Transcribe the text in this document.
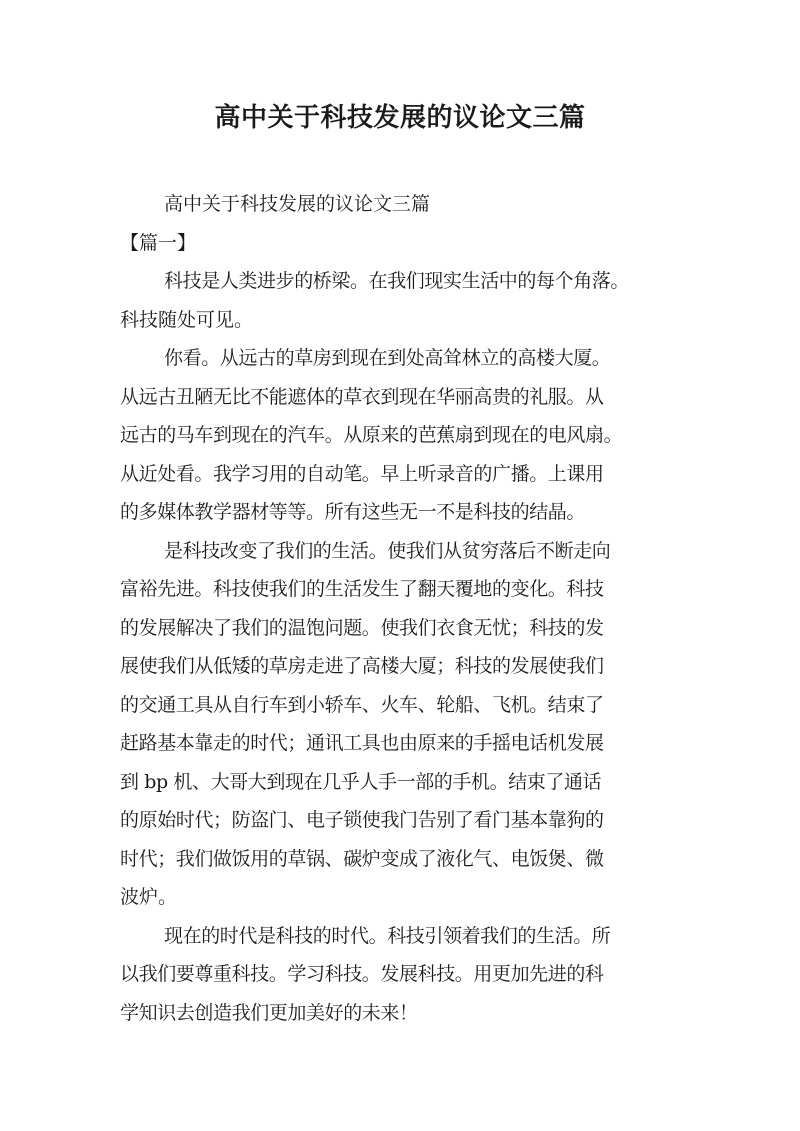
高中关于科技发展的议论文三篇
高中关于科技发展的议论文三篇
【篇一】
科技是人类进步的桥梁。在我们现实生活中的每个角落。
科技随处可见。
你看。从远古的草房到现在到处高耸林立的高楼大厦。
从远古丑陋无比不能遮体的草衣到现在华丽高贵的礼服。从
远古的马车到现在的汽车。从原来的芭蕉扇到现在的电风扇。
从近处看。我学习用的自动笔。早上听录音的广播。上课用
的多媒体教学器材等等。所有这些无一不是科技的结晶。
是科技改变了我们的生活。使我们从贫穷落后不断走向
富裕先进。科技使我们的生活发生了翻天覆地的变化。科技
的发展解决了我们的温饱问题。使我们衣食无忧；科技的发
展使我们从低矮的草房走进了高楼大厦；科技的发展使我们
的交通工具从自行车到小轿车、火车、轮船、飞机。结束了
赶路基本靠走的时代；通讯工具也由原来的手摇电话机发展
到 bp 机、大哥大到现在几乎人手一部的手机。结束了通话
的原始时代；防盗门、电子锁使我门告别了看门基本靠狗的
时代；我们做饭用的草锅、碳炉变成了液化气、电饭煲、微
波炉。
现在的时代是科技的时代。科技引领着我们的生活。所
以我们要尊重科技。学习科技。发展科技。用更加先进的科
学知识去创造我们更加美好的未来！
